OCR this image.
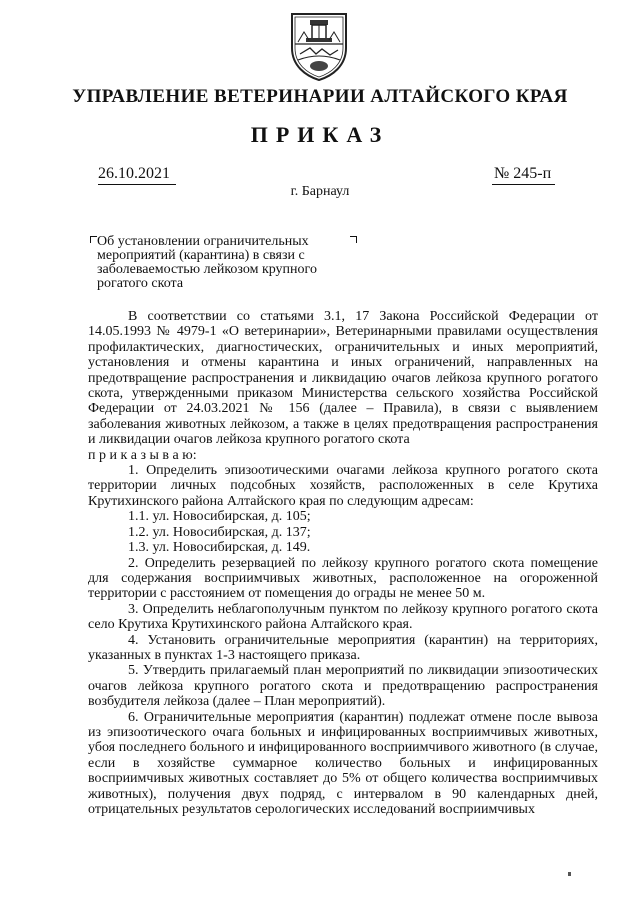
УПРАВЛЕНИЕ ВЕТЕРИНАРИИ АЛТАЙСКОГО КРАЯ
ПРИКАЗ
26.10.2021	№ 245-п
г. Барнаул
Об установлении ограничительных мероприятий (карантина) в связи с заболеваемостью лейкозом крупного рогатого скота

В соответствии со статьями 3.1, 17 Закона Российской Федерации от 14.05.1993 № 4979-1 «О ветеринарии», Ветеринарными правилами осуществления профилактических, диагностических, ограничительных и иных мероприятий, установления и отмены карантина и иных ограничений, направленных на предотвращение распространения и ликвидацию очагов лейкоза крупного рогатого скота, утвержденными приказом Министерства сельского хозяйства Российской Федерации от 24.03.2021 № 156 (далее – Правила), в связи с выявлением заболевания животных лейкозом, а также в целях предотвращения распространения и ликвидации очагов лейкоза крупного рогатого скота

п р и к а з ы в а ю:

1. Определить эпизоотическими очагами лейкоза крупного рогатого скота территории личных подсобных хозяйств, расположенных в селе Крутиха Крутихинского района Алтайского края по следующим адресам:

1.1. ул. Новосибирская, д. 105;

1.2. ул. Новосибирская, д. 137;

1.3. ул. Новосибирская, д. 149.

2. Определить резервацией по лейкозу крупного рогатого скота помещение для содержания восприимчивых животных, расположенное на огороженной территории с расстоянием от помещения до ограды не менее 50 м.

3. Определить неблагополучным пунктом по лейкозу крупного рогатого скота село Крутиха Крутихинского района Алтайского края.

4. Установить ограничительные мероприятия (карантин) на территориях, указанных в пунктах 1-3 настоящего приказа.

5. Утвердить прилагаемый план мероприятий по ликвидации эпизоотических очагов лейкоза крупного рогатого скота и предотвращению распространения возбудителя лейкоза (далее – План мероприятий).

6. Ограничительные мероприятия (карантин) подлежат отмене после вывоза из эпизоотического очага больных и инфицированных восприимчивых животных, убоя последнего больного и инфицированного восприимчивого животного (в случае, если в хозяйстве суммарное количество больных и инфицированных восприимчивых животных составляет до 5% от общего количества восприимчивых животных), получения двух подряд, с интервалом в 90 календарных дней, отрицательных результатов серологических исследований восприимчивых
